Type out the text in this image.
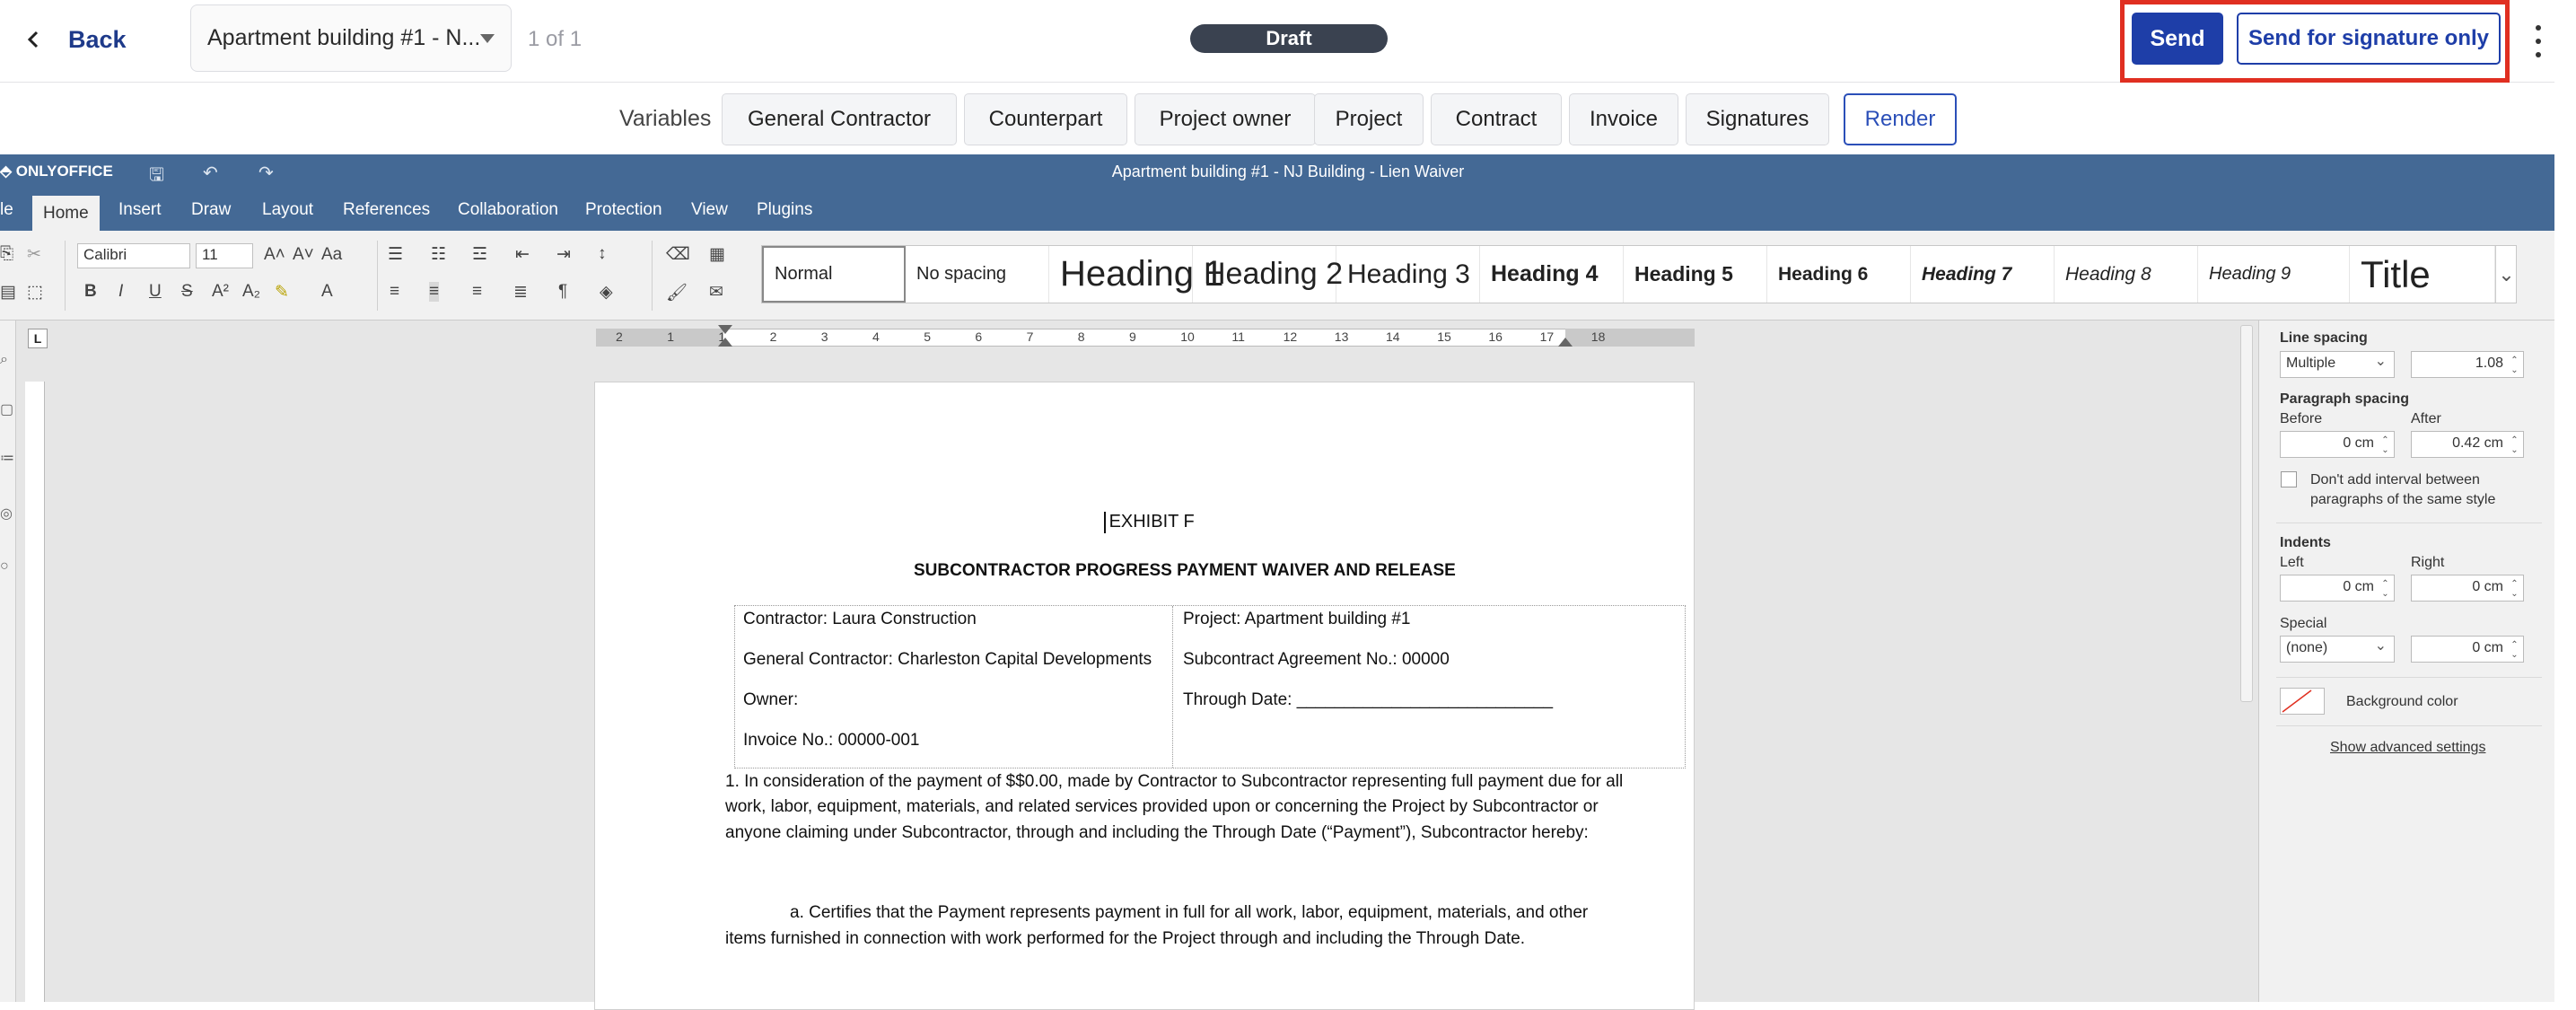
Back	Apartment building #1 - N... 1 of 1	Draft	Send	Send for signature only
Variables	General Contractor	Counterpart	Project owner	Project	Contract	Invoice	Signatures	Render
⬘ ONLYOFFICE 🖫 ↶ ↷	Apartment building #1 - NJ Building - Lien Waiver
le	Home	Insert Draw Layout References Collaboration Protection View Plugins
⎘ ✂
▤ ⬚
Calibri	11	A˄ A˅ Aa
B I U S A² A₂ ✎ A
☰ ☷ ☲ ⇤ ⇥ ↕
≡ ≡ ≡ ≣ ¶ ◈
⌫ ▦
🖌 ✉
Normal	No spacing	Heading 1
Heading 2 Heading 3 Heading 4	Heading 5	Heading 6	Heading 7	Heading 8	Heading 9	Title	⌄
⌕
▢
≔
◎
○
L	2	1	1	2	3	4	5	6	7	8	9	10	11	12	13	14	15	16	17	18
EXHIBIT F
SUBCONTRACTOR PROGRESS PAYMENT WAIVER AND RELEASE
Contractor: Laura Construction
General Contractor: Charleston Capital Developments
Owner:
Invoice No.: 00000-001
Project: Apartment building #1
Subcontract Agreement No.: 00000
Through Date: ___________________________
1. In consideration of the payment of $$0.00, made by Contractor to Subcontractor representing full payment due for all
work, labor, equipment, materials, and related services provided upon or concerning the Project by Subcontractor or
anyone claiming under Subcontractor, through and including the Through Date (“Payment”), Subcontractor hereby:
a. Certifies that the Payment represents payment in full for all work, labor, equipment, materials, and other
items furnished in connection with work performed for the Project through and including the Through Date.
Line spacing
Multiple ⌄	1.08 ⌃⌄
Paragraph spacing
Before	After
0 cm ⌃⌄	0.42 cm ⌃⌄
Don't add interval between
paragraphs of the same style
Indents
Left	Right
0 cm ⌃⌄	0 cm ⌃⌄
Special
(none) ⌄	0 cm ⌃⌄
Background color
Show advanced settings
